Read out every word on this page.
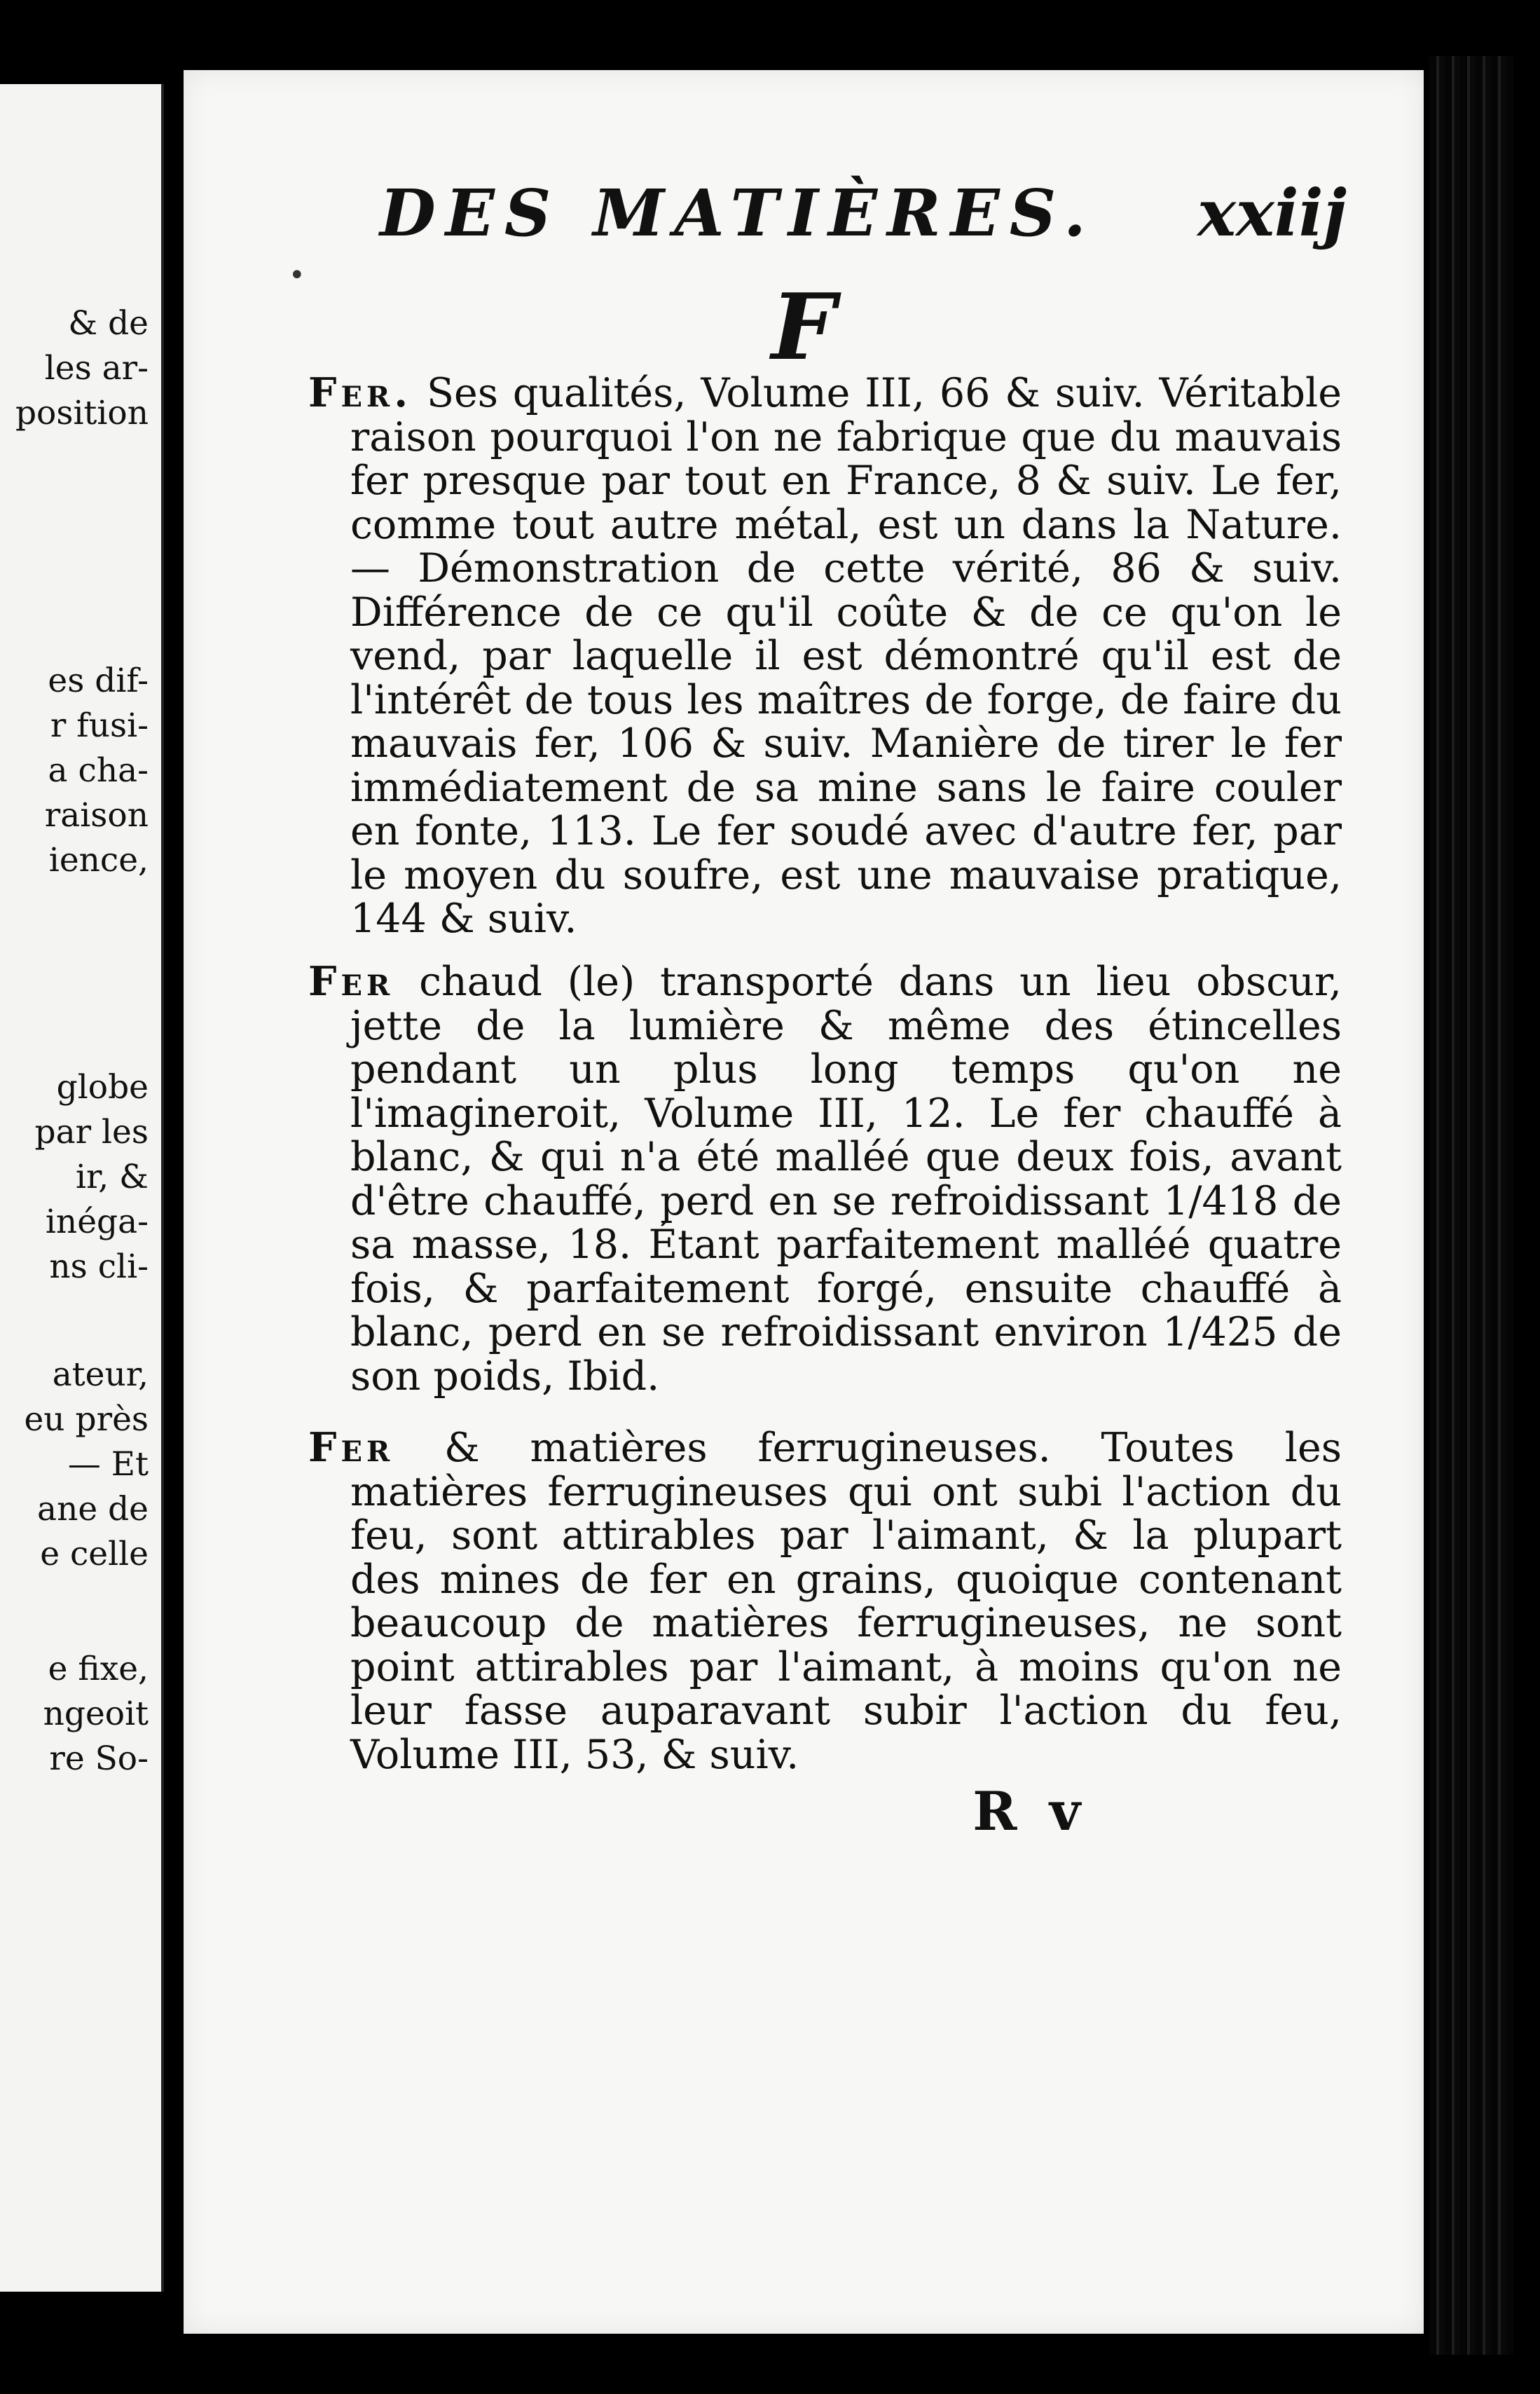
& de
les ar-
position
es dif-
r fusi-
a cha-
raison
ience,
globe
par les
ir, &
inéga-
ns cli-
ateur,
eu près
— Et
ane de
e celle
e fixe,
ngeoit
re So-
DES MATIÈRES. xxiij
•	F

Fer. Ses qualités, Volume III, 66 & suiv. Véritable raison pourquoi l'on ne fabrique que du mauvais fer presque par tout en France, 8 & suiv. Le fer, comme tout autre métal, est un dans la Nature. — Démonstration de cette vérité, 86 & suiv. Différence de ce qu'il coûte & de ce qu'on le vend, par laquelle il est démontré qu'il est de l'intérêt de tous les maîtres de forge, de faire du mauvais fer, 106 & suiv. Manière de tirer le fer immédiatement de sa mine sans le faire couler en fonte, 113. Le fer soudé avec d'autre fer, par le moyen du soufre, est une mauvaise pratique, 144 & suiv.

Fer chaud (le) transporté dans un lieu obscur, jette de la lumière & même des étincelles pendant un plus long temps qu'on ne l'imagineroit, Volume III, 12. Le fer chauffé à blanc, & qui n'a été malléé que deux fois, avant d'être chauffé, perd en se refroidissant 1/418 de sa masse, 18. Étant parfaitement malléé quatre fois, & parfaitement forgé, ensuite chauffé à blanc, perd en se refroidissant environ 1/425 de son poids, Ibid.

Fer & matières ferrugineuses. Toutes les matières ferrugineuses qui ont subi l'action du feu, sont attirables par l'aimant, & la plupart des mines de fer en grains, quoique contenant beaucoup de matières ferrugineuses, ne sont point attirables par l'aimant, à moins qu'on ne leur fasse auparavant subir l'action du feu, Volume III, 53, & suiv.

R v
